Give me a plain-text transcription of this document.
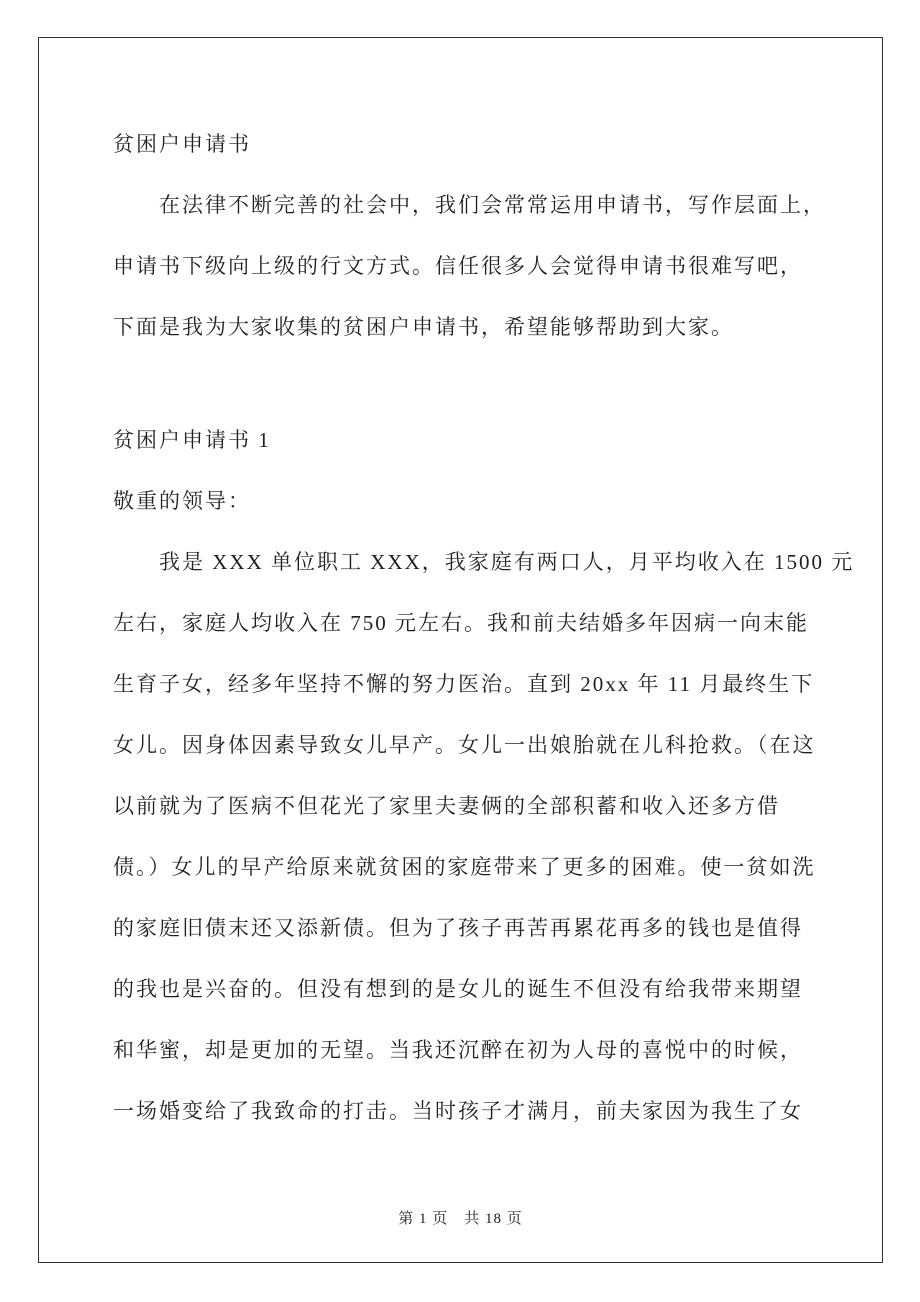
贫困户申请书
在法律不断完善的社会中，我们会常常运用申请书，写作层面上，
申请书下级向上级的行文方式。信任很多人会觉得申请书很难写吧，
下面是我为大家收集的贫困户申请书，希望能够帮助到大家。
贫困户申请书 1
敬重的领导：
我是 XXX 单位职工 XXX，我家庭有两口人，月平均收入在 1500 元
左右，家庭人均收入在 750 元左右。我和前夫结婚多年因病一向末能
生育子女，经多年坚持不懈的努力医治。直到 20xx 年 11 月最终生下
女儿。因身体因素导致女儿早产。女儿一出娘胎就在儿科抢救。（在这
以前就为了医病不但花光了家里夫妻俩的全部积蓄和收入还多方借
债。）女儿的早产给原来就贫困的家庭带来了更多的困难。使一贫如洗
的家庭旧债末还又添新债。但为了孩子再苦再累花再多的钱也是值得
的我也是兴奋的。但没有想到的是女儿的诞生不但没有给我带来期望
和华蜜，却是更加的无望。当我还沉醉在初为人母的喜悦中的时候，
一场婚变给了我致命的打击。当时孩子才满月，前夫家因为我生了女
第 1 页 共 18 页
